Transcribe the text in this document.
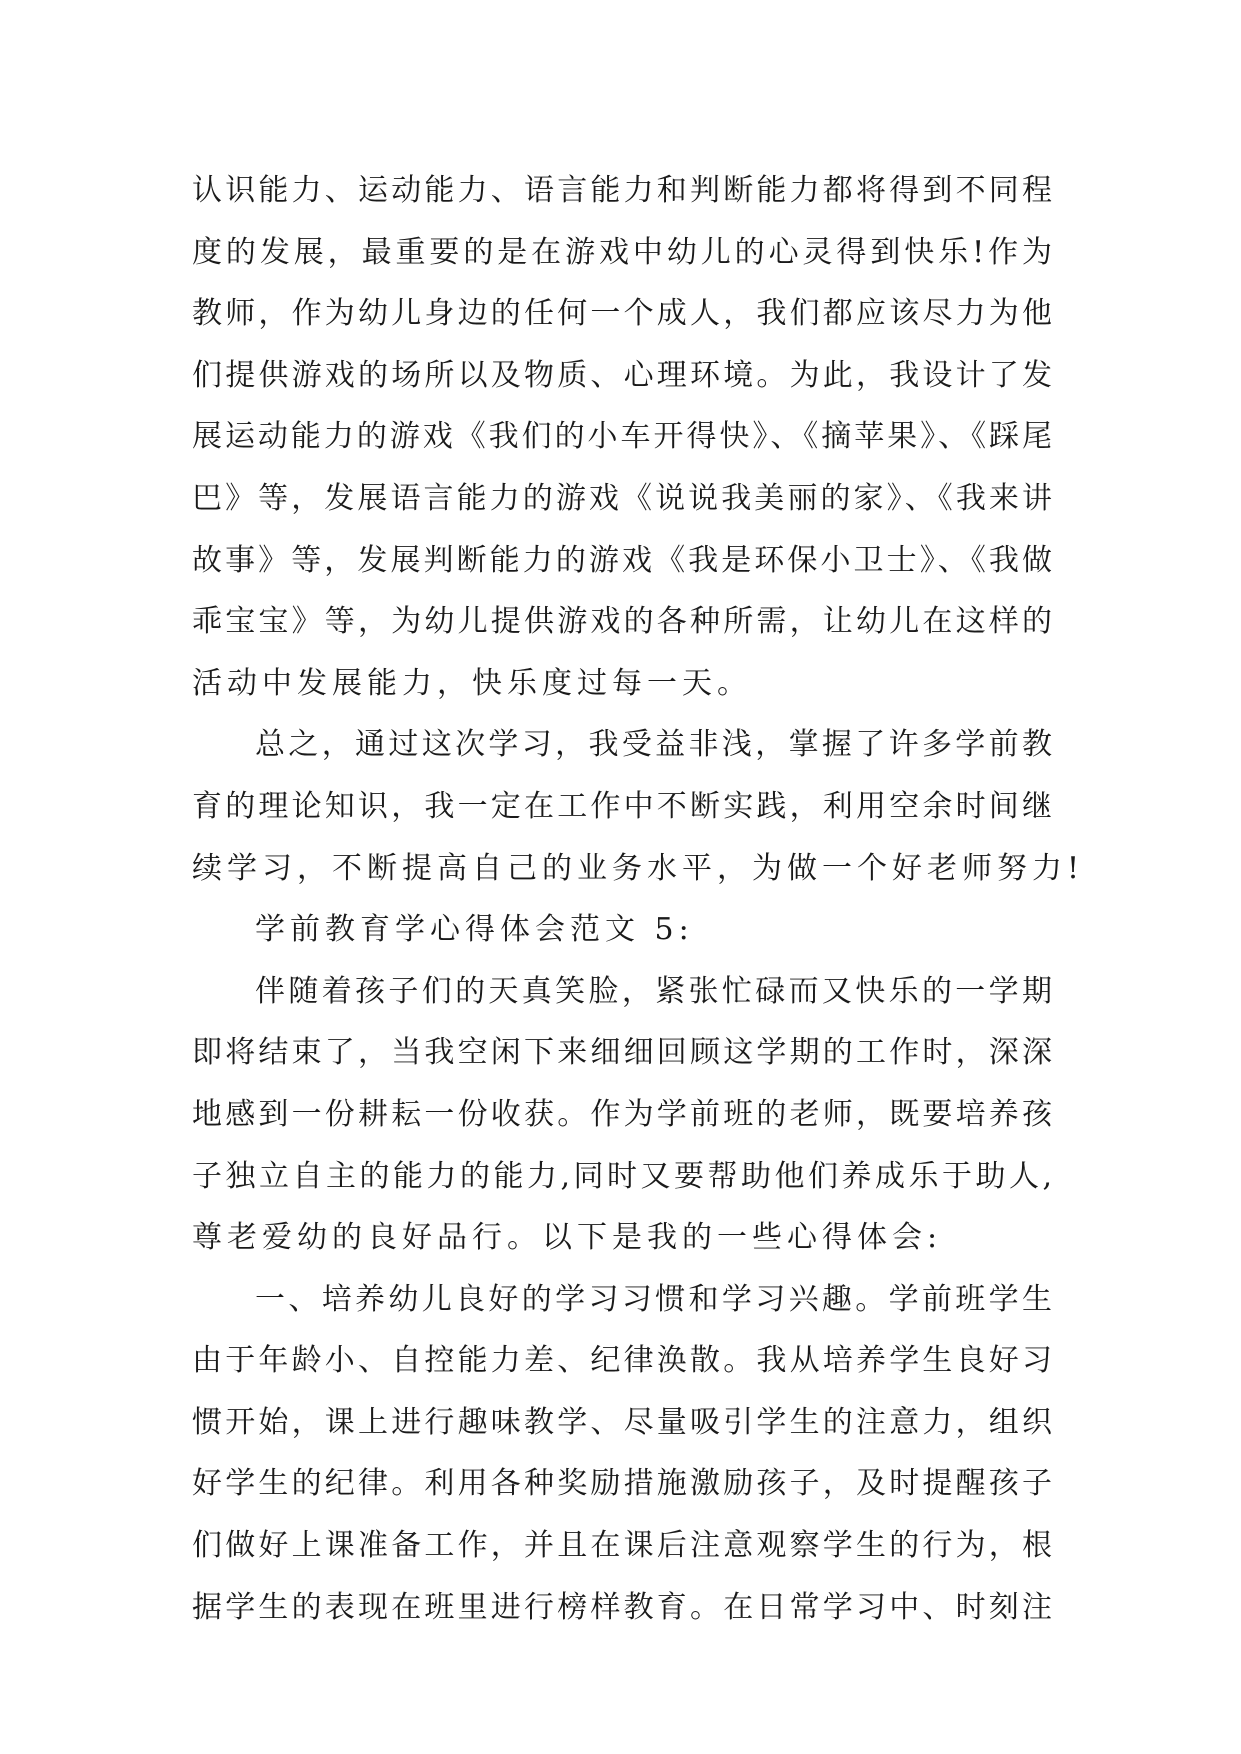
认识能力、运动能力、语言能力和判断能力都将得到不同程
度的发展，最重要的是在游戏中幼儿的心灵得到快乐!作为
教师，作为幼儿身边的任何一个成人，我们都应该尽力为他
们提供游戏的场所以及物质、心理环境。为此，我设计了发
展运动能力的游戏《我们的小车开得快》、《摘苹果》、《踩尾
巴》等，发展语言能力的游戏《说说我美丽的家》、《我来讲
故事》等，发展判断能力的游戏《我是环保小卫士》、《我做
乖宝宝》等，为幼儿提供游戏的各种所需，让幼儿在这样的
活动中发展能力，快乐度过每一天。
总之，通过这次学习，我受益非浅，掌握了许多学前教
育的理论知识，我一定在工作中不断实践，利用空余时间继
续学习，不断提高自己的业务水平，为做一个好老师努力!
学前教育学心得体会范文 5:
伴随着孩子们的天真笑脸，紧张忙碌而又快乐的一学期
即将结束了，当我空闲下来细细回顾这学期的工作时，深深
地感到一份耕耘一份收获。作为学前班的老师，既要培养孩
子独立自主的能力的能力,同时又要帮助他们养成乐于助人,
尊老爱幼的良好品行。以下是我的一些心得体会:
一、培养幼儿良好的学习习惯和学习兴趣。学前班学生
由于年龄小、自控能力差、纪律涣散。我从培养学生良好习
惯开始，课上进行趣味教学、尽量吸引学生的注意力，组织
好学生的纪律。利用各种奖励措施激励孩子，及时提醒孩子
们做好上课准备工作，并且在课后注意观察学生的行为，根
据学生的表现在班里进行榜样教育。在日常学习中、时刻注
